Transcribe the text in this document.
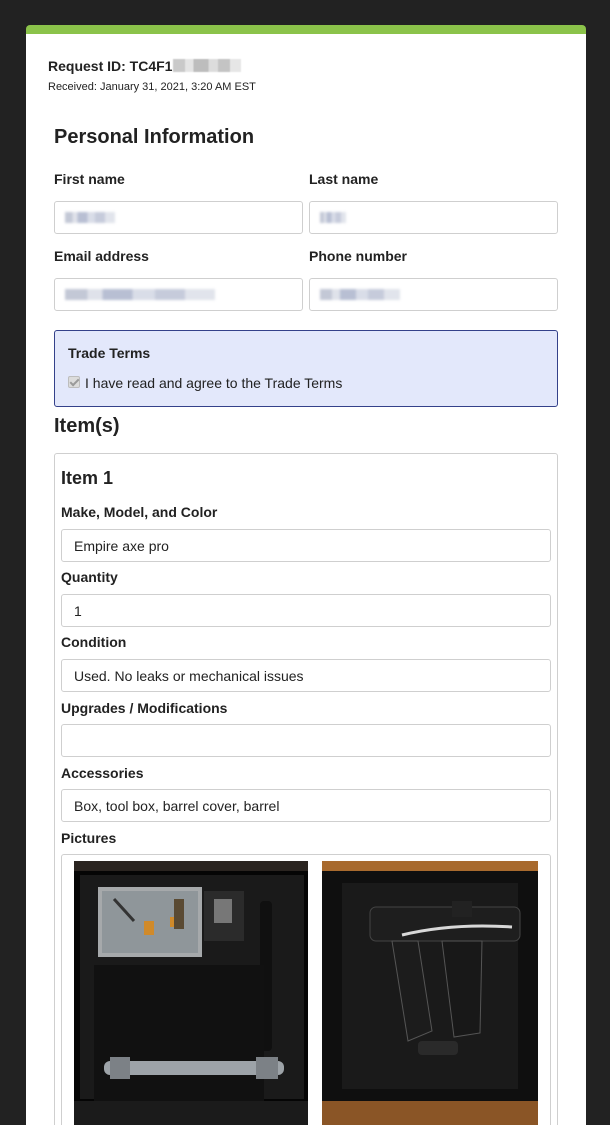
Request ID: TC4F1
Received: January 31, 2021, 3:20 AM EST
Personal Information
First name	Last name
Email address	Phone number
Trade Terms
I have read and agree to the Trade Terms
Item(s)
Item 1
Make, Model, and Color
Empire axe pro
Quantity
1
Condition
Used. No leaks or mechanical issues
Upgrades / Modifications
Accessories
Box, tool box, barrel cover, barrel
Pictures
